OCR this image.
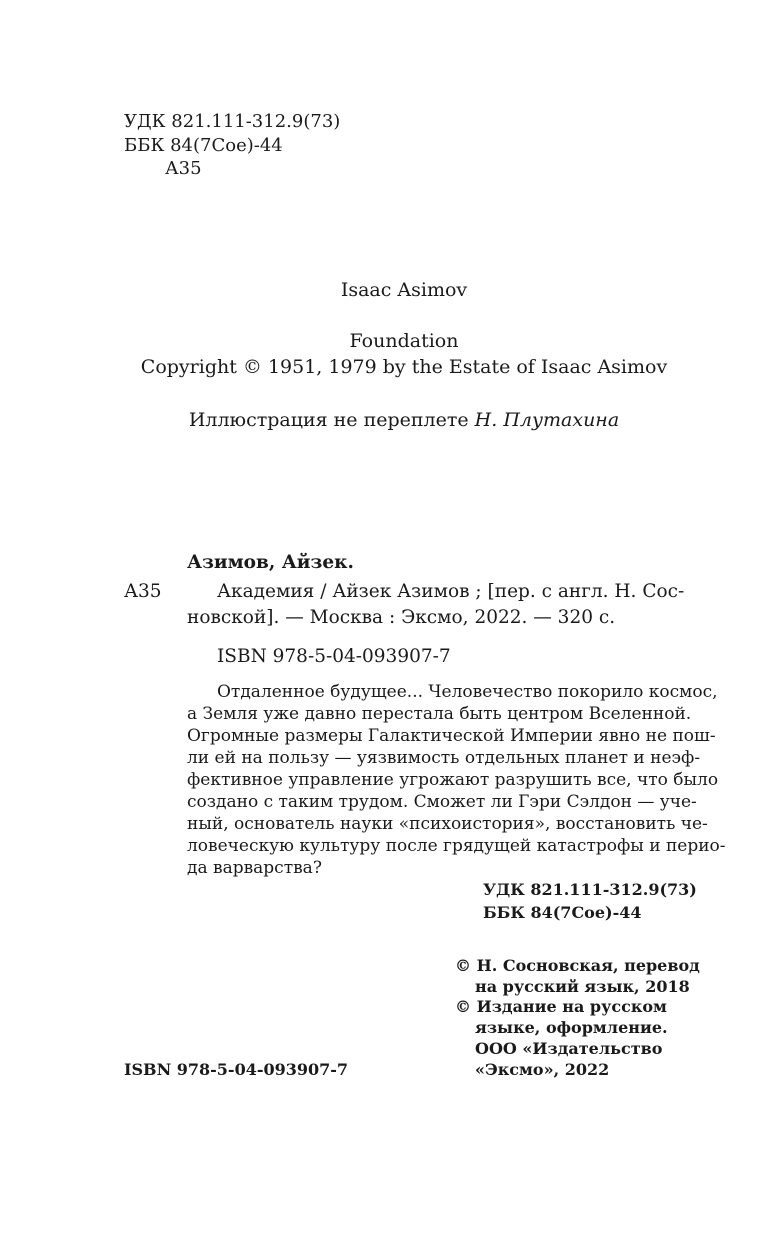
УДК 821.111-312.9(73)
ББК 84(7Сое)-44
А35
Isaac Asimov
Foundation
Copyright © 1951, 1979 by the Estate of Isaac Asimov
Иллюстрация не переплете Н. Плутахина
Азимов, Айзек.
А35	Академия / Айзек Азимов ; [пер. с англ. Н. Сос-
новской]. — Москва : Эксмо, 2022. — 320 с.
ISBN 978-5-04-093907-7
Отдаленное будущее... Человечество покорило космос,
а Земля уже давно перестала быть центром Вселенной.
Огромные размеры Галактической Империи явно не пош-
ли ей на пользу — уязвимость отдельных планет и неэф-
фективное управление угрожают разрушить все, что было
создано с таким трудом. Сможет ли Гэри Сэлдон — уче-
ный, основатель науки «психоистория», восстановить че-
ловеческую культуру после грядущей катастрофы и перио-
да варварства?
УДК 821.111-312.9(73)
ББК 84(7Сое)-44
© Н. Сосновская, перевод
на русский язык, 2018
© Издание на русском
языке, оформление.
ООО «Издательство
«Эксмо», 2022
ISBN 978-5-04-093907-7
